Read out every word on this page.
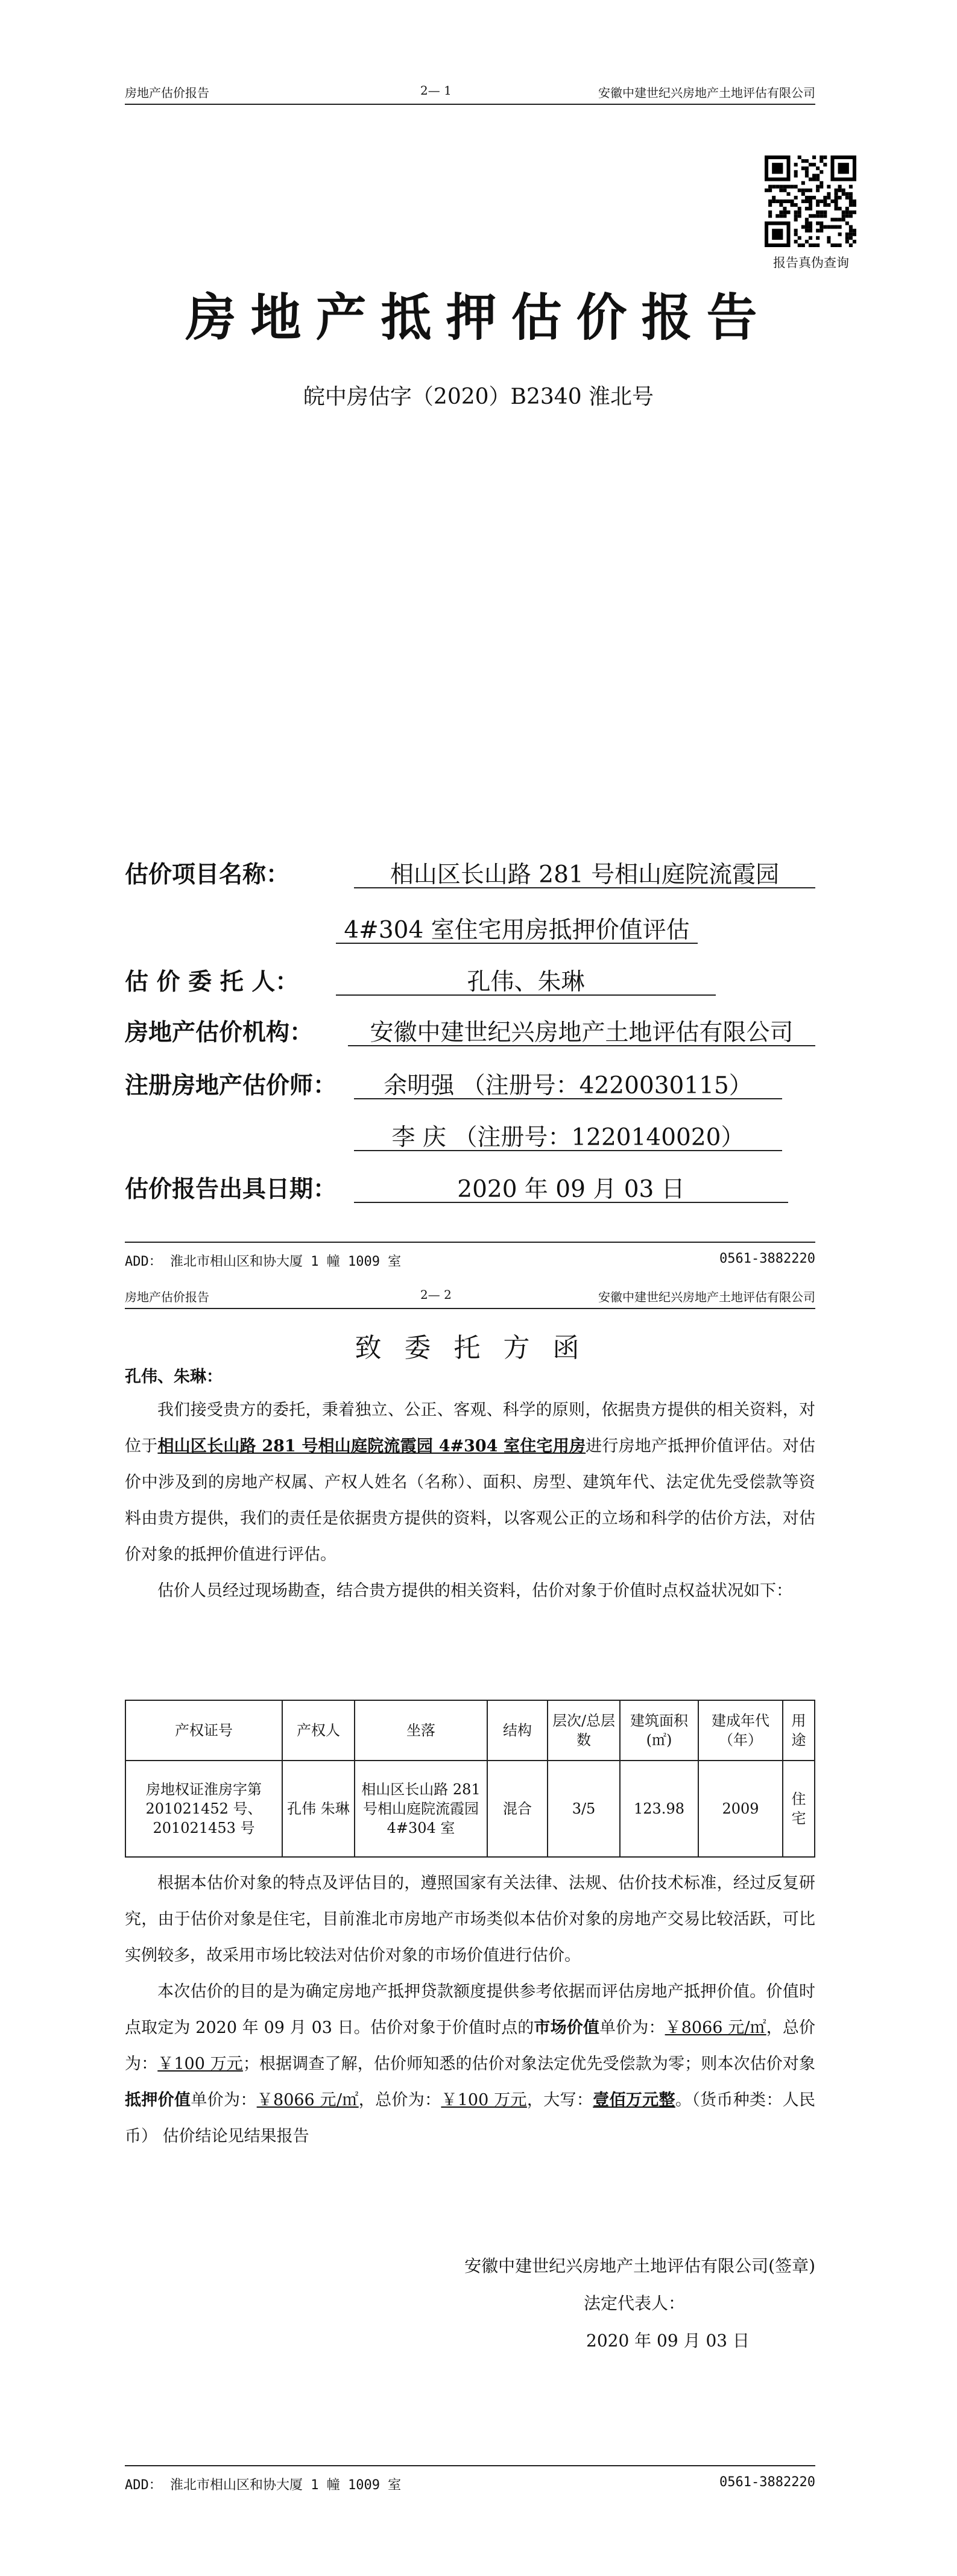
房地产估价报告	2— 1	安徽中建世纪兴房地产土地评估有限公司
报告真伪查询
房地产抵押估价报告
皖中房估字（2020）B2340 淮北号
估价项目名称：	相山区长山路 281 号相山庭院流霞园
4#304 室住宅用房抵押价值评估
估 价 委 托 人：	孔伟、朱琳
房地产估价机构：	安徽中建世纪兴房地产土地评估有限公司
注册房地产估价师：	余明强 （注册号：4220030115）
李 庆 （注册号：1220140020）
估价报告出具日期：	2020 年 09 月 03 日
ADD： 淮北市相山区和协大厦 1 幢 1009 室	0561-3882220
房地产估价报告	2— 2	安徽中建世纪兴房地产土地评估有限公司
致委托方函
孔伟、朱琳：

我们接受贵方的委托，秉着独立、公正、客观、科学的原则，依据贵方提供的相关资料，对位于相山区长山路 281 号相山庭院流霞园 4#304 室住宅用房进行房地产抵押价值评估。对估价中涉及到的房地产权属、产权人姓名（名称）、面积、房型、建筑年代、法定优先受偿款等资料由贵方提供，我们的责任是依据贵方提供的资料，以客观公正的立场和科学的估价方法，对估价对象的抵押价值进行评估。

估价人员经过现场勘查，结合贵方提供的相关资料，估价对象于价值时点权益状况如下：

产权证号	产权人	坐落	结构	层次/总层数	建筑面积(㎡)	建成年代（年）	用途
房地权证淮房字第 201021452 号、201021453 号	孔伟 朱琳	相山区长山路 281 号相山庭院流霞园 4#304 室	混合	3/5	123.98	2009	住宅

根据本估价对象的特点及评估目的，遵照国家有关法律、法规、估价技术标准，经过反复研究，由于估价对象是住宅，目前淮北市房地产市场类似本估价对象的房地产交易比较活跃，可比实例较多，故采用市场比较法对估价对象的市场价值进行估价。

本次估价的目的是为确定房地产抵押贷款额度提供参考依据而评估房地产抵押价值。价值时点取定为 2020 年 09 月 03 日。估价对象于价值时点的市场价值单价为：￥8066 元/㎡，总价为：￥100 万元；根据调查了解，估价师知悉的估价对象法定优先受偿款为零；则本次估价对象抵押价值单价为：￥8066 元/㎡，总价为：￥100 万元，大写：壹佰万元整。（货币种类：人民币） 估价结论见结果报告

安徽中建世纪兴房地产土地评估有限公司(签章)
法定代表人：
2020 年 09 月 03 日
ADD： 淮北市相山区和协大厦 1 幢 1009 室	0561-3882220
